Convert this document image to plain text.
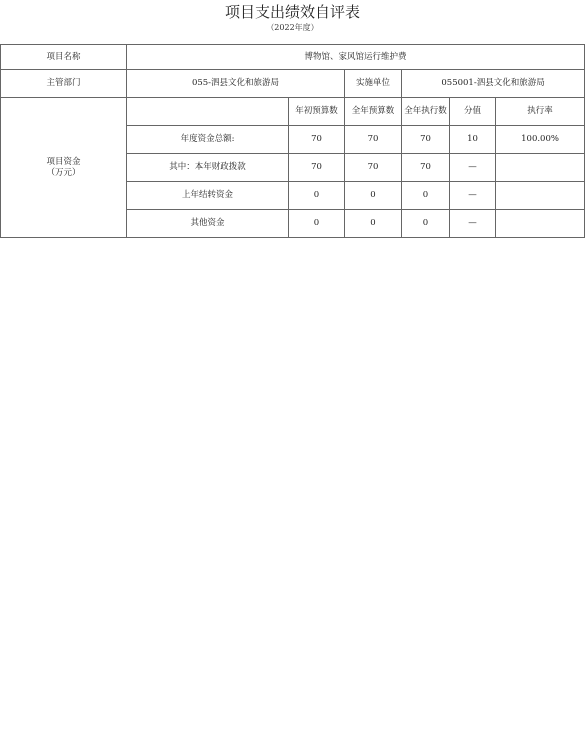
项目支出绩效自评表
（2022年度）
项目名称	博物馆、家风馆运行维护费					
主管部门	055-泗县文化和旅游局		实施单位	055001-泗县文化和旅游局		
项目资金
（万元）		年初预算数	全年预算数	全年执行数	分值	执行率
	年度资金总额:	70	70	70	10	100.00%
	其中：本年财政拨款	70	70	70	—	
	上年结转资金	0	0	0	—	
	其他资金	0	0	0	—	
